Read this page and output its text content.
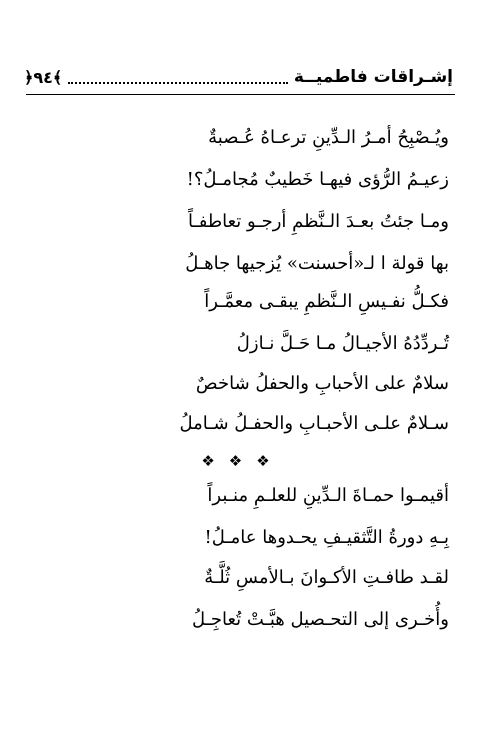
إشـراقات فاطميــة
﴿٩٤﴾
ويُـصْبِحُ أمـرُ الـدِّينِ ترعـاهُ عُـصبةٌ
زعيـمُ الرُّؤى فيهـا خَطيبٌ مُجامـلُ؟!
ومـا جئتُ بعـدَ الـنَّظمِ أرجـو تعاطفـاً
بها قولة ا لـ«أحسنت» يُزجيها جاهـلُ
فكـلُّ نفـيسِ الـنَّظمِ يبقـى معمَّـراً
تُـردِّدُهُ الأجيـالُ مـا حَـلَّ نـازلُ
سلامٌ على الأحبابِ والحفلُ شاخصٌ
سـلامٌ علـى الأحبـابِ والحفـلُ شـاملُ
❖❖❖
أقيمـوا حمـاةَ الـدِّينِ للعلـمِ منـبراً
بِـهِ دورةُ التَّثقيـفِ يحـدوها عامـلُ!
لقـد طافـتِ الأكـوانَ بـالأمسِ ثُلَّـةٌ
وأُخـرى إلى التحـصيل هبَّـتْ تُعاجِـلُ
